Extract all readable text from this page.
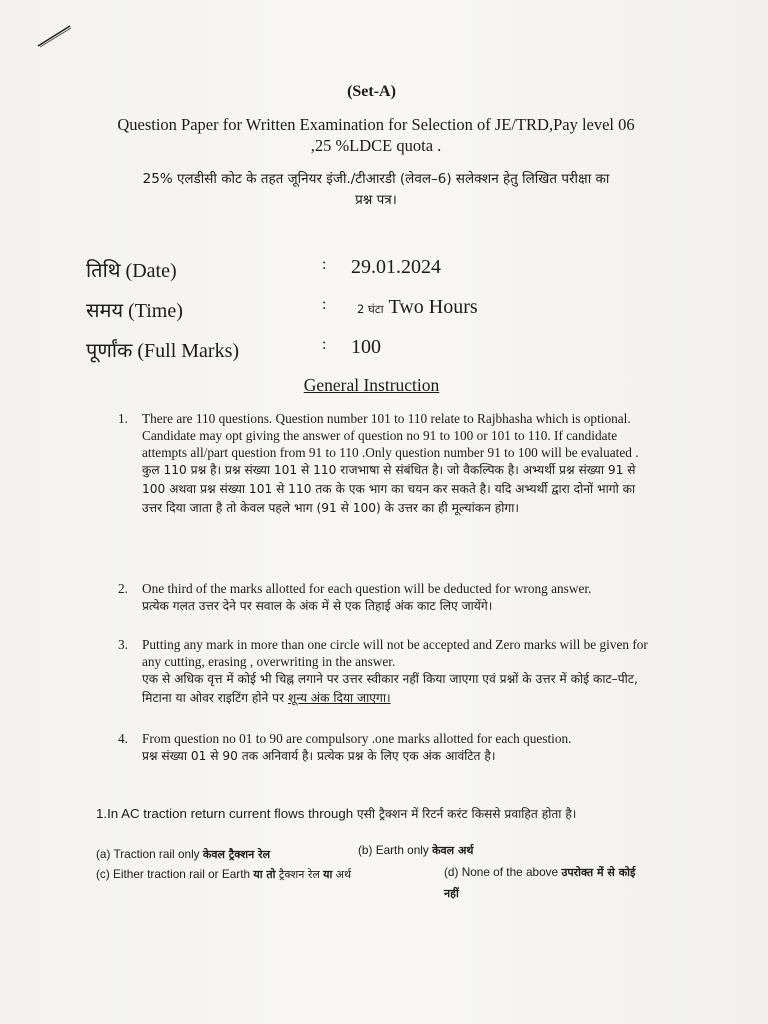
(Set-A)
Question Paper for Written Examination for Selection of JE/TRD,Pay level 06
,25 %LDCE quota .
25% एलडीसी कोट के तहत जूनियर इंजी./टीआरडी (लेवल–6) सलेक्शन हेतु लिखित परीक्षा का
प्रश्न पत्र।
तिथि (Date)	: 29.01.2024
समय (Time)	:	2 घंटा Two Hours
पूर्णांक (Full Marks)	: 100
General Instruction
1. There are 110 questions. Question number 101 to 110 relate to Rajbhasha which is optional. Candidate may opt giving the answer of question no 91 to 100 or 101 to 110. If candidate attempts all/part question from 91 to 110 .Only question number 91 to 100 will be evaluated .
कुल 110 प्रश्न है। प्रश्न संख्या 101 से 110 राजभाषा से संबंधित है। जो वैकल्पिक है। अभ्यर्थी प्रश्न संख्या 91 से 100 अथवा प्रश्न संख्या 101 से 110 तक के एक भाग का चयन कर सकते है। यदि अभ्यर्थी द्वारा दोनों भागो का उत्तर दिया जाता है तो केवल पहले भाग (91 से 100) के उत्तर का ही मूल्यांकन होगा।
2. One third of the marks allotted for each question will be deducted for wrong answer.
प्रत्येक गलत उत्तर देने पर सवाल के अंक में से एक तिहाई अंक काट लिए जायेंगे।
3. Putting any mark in more than one circle will not be accepted and Zero marks will be given for any cutting, erasing , overwriting in the answer.
एक से अधिक वृत्त में कोई भी चिह्न लगाने पर उत्तर स्वीकार नहीं किया जाएगा एवं प्रश्नों के उत्तर में कोई काट–पीट, मिटाना या ओवर राइटिंग होने पर शून्य अंक दिया जाएगा।
4. From question no 01 to 90 are compulsory .one marks allotted for each question.
प्रश्न संख्या 01 से 90 तक अनिवार्य है। प्रत्येक प्रश्न के लिए एक अंक आवंटित है।
1.In AC traction return current flows through एसी ट्रैक्शन में रिटर्न करंट किससे प्रवाहित होता है।
(a) Traction rail only केवल ट्रैक्शन रेल	(b) Earth only केवल अर्थ
(c) Either traction rail or Earth या तो ट्रैक्शन रेल या अर्थ	(d) None of the above उपरोक्त में से कोई नहीं
